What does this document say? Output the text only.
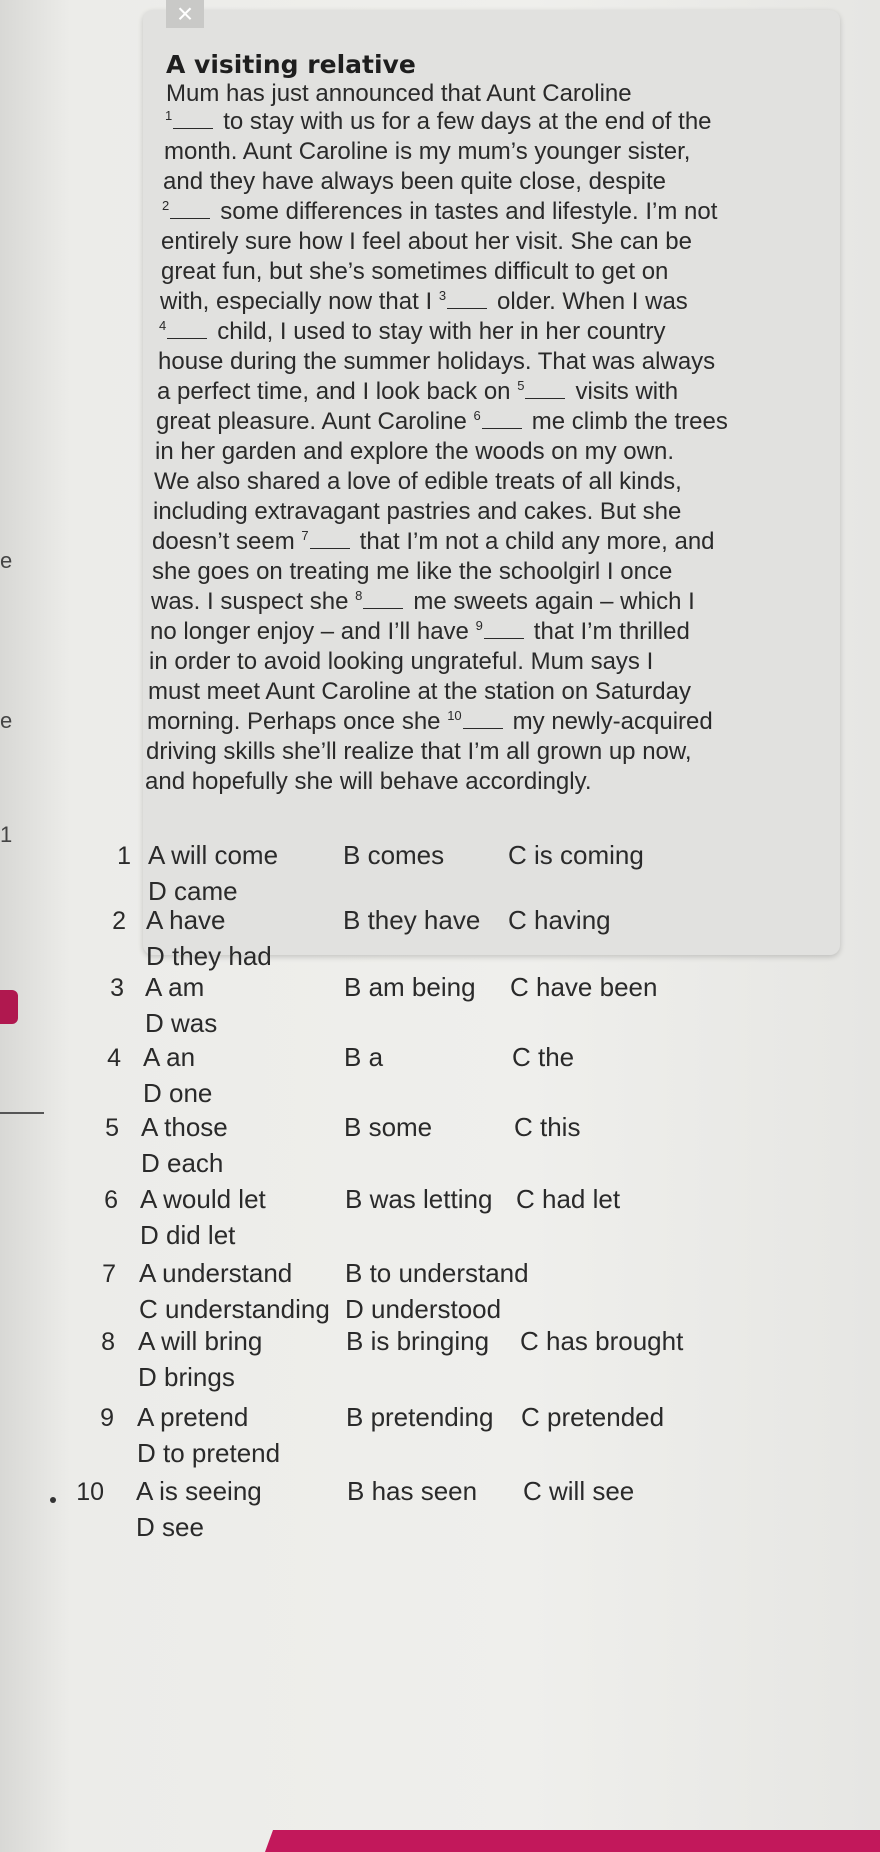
e
e
1
×
A visiting relative
Mum has just announced that Aunt Caroline
$^1$ to stay with us for a few days at the end of the
month. Aunt Caroline is my mum’s younger sister,
and they have always been quite close, despite
$^2$ some differences in tastes and lifestyle. I’m not
entirely sure how I feel about her visit. She can be
great fun, but she’s sometimes difficult to get on
with, especially now that I $^3$ older. When I was
$^4$ child, I used to stay with her in her country
house during the summer holidays. That was always
a perfect time, and I look back on $^5$ visits with
great pleasure. Aunt Caroline $^6$ me climb the trees
in her garden and explore the woods on my own.
We also shared a love of edible treats of all kinds,
including extravagant pastries and cakes. But she
doesn’t seem $^7$ that I’m not a child any more, and
she goes on treating me like the schoolgirl I once
was. I suspect she $^8$ me sweets again – which I
no longer enjoy – and I’ll have $^9$ that I’m thrilled
in order to avoid looking ungrateful. Mum says I
must meet Aunt Caroline at the station on Saturday
morning. Perhaps once she $^{10}$ my newly-acquired
driving skills she’ll realize that I’m all grown up now,
and hopefully she will behave accordingly.
1 A will come B comes C is coming
D came
2 A have	B they have C having
D they had
3 A am	B am being C have been
D was
4 A an	B a	C the
D one
5 A those	B some	C this
D each
6 A would let	B was letting C had let
D did let
7 A understand B to understand
C understanding D understood
8 A will bring	B is bringing C has brought
D brings
9 A pretend	B pretending C pretended
D to pretend
10 A is seeing	B has seen C will see
D see
